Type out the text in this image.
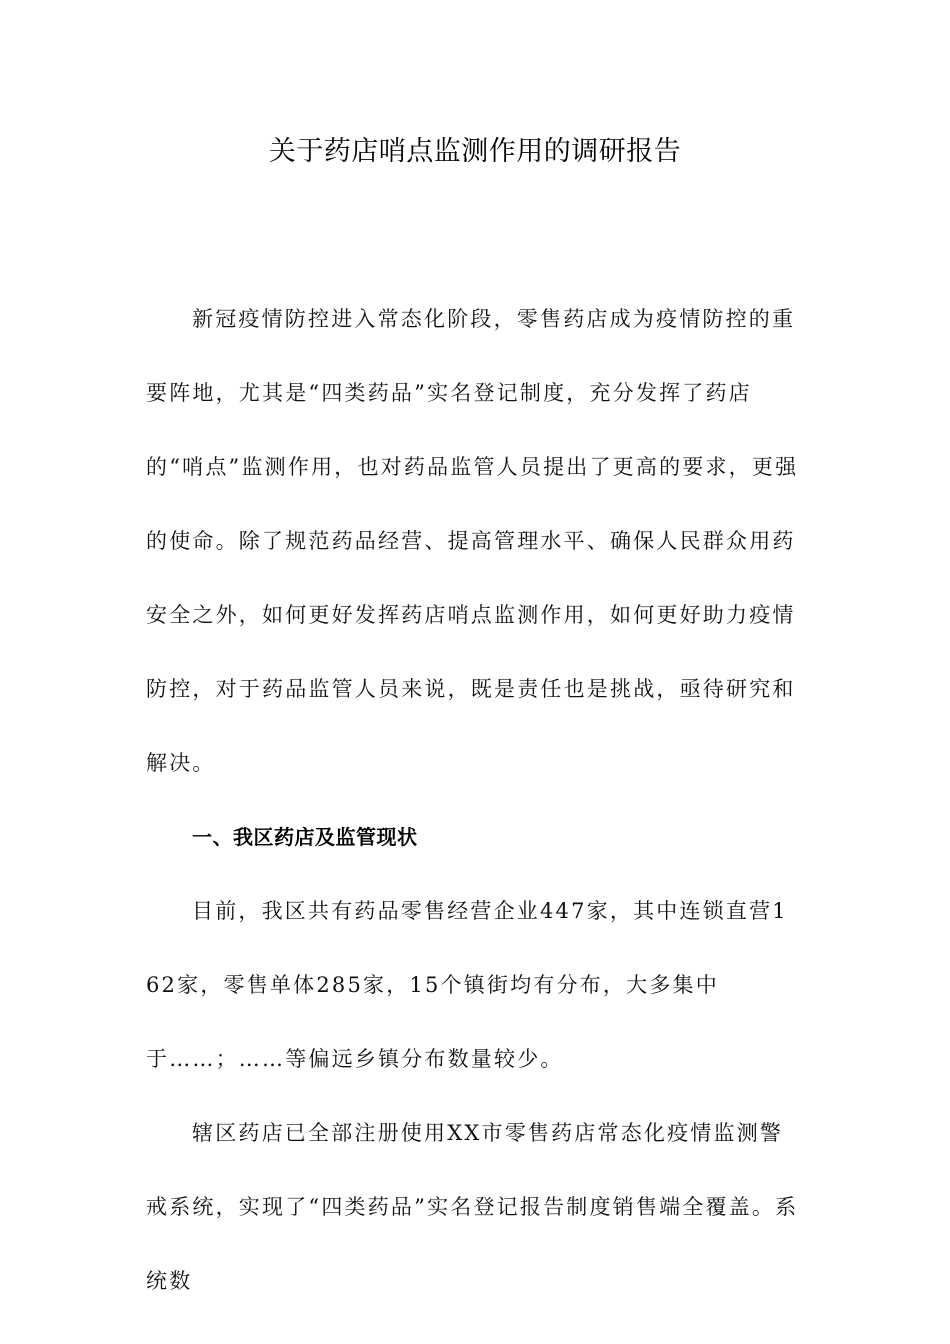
关于药店哨点监测作用的调研报告

新冠疫情防控进入常态化阶段，零售药店成为疫情防控的重要阵地，尤其是“四类药品”实名登记制度，充分发挥了药店的“哨点”监测作用，也对药品监管人员提出了更高的要求，更强的使命。除了规范药品经营、提高管理水平、确保人民群众用药安全之外，如何更好发挥药店哨点监测作用，如何更好助力疫情防控，对于药品监管人员来说，既是责任也是挑战，亟待研究和解决。

一、我区药店及监管现状

目前，我区共有药品零售经营企业447家，其中连锁直营162家，零售单体285家，15个镇街均有分布，大多集中于……；……等偏远乡镇分布数量较少。

辖区药店已全部注册使用XX市零售药店常态化疫情监测警戒系统，实现了“四类药品”实名登记报告制度销售端全覆盖。系统数
